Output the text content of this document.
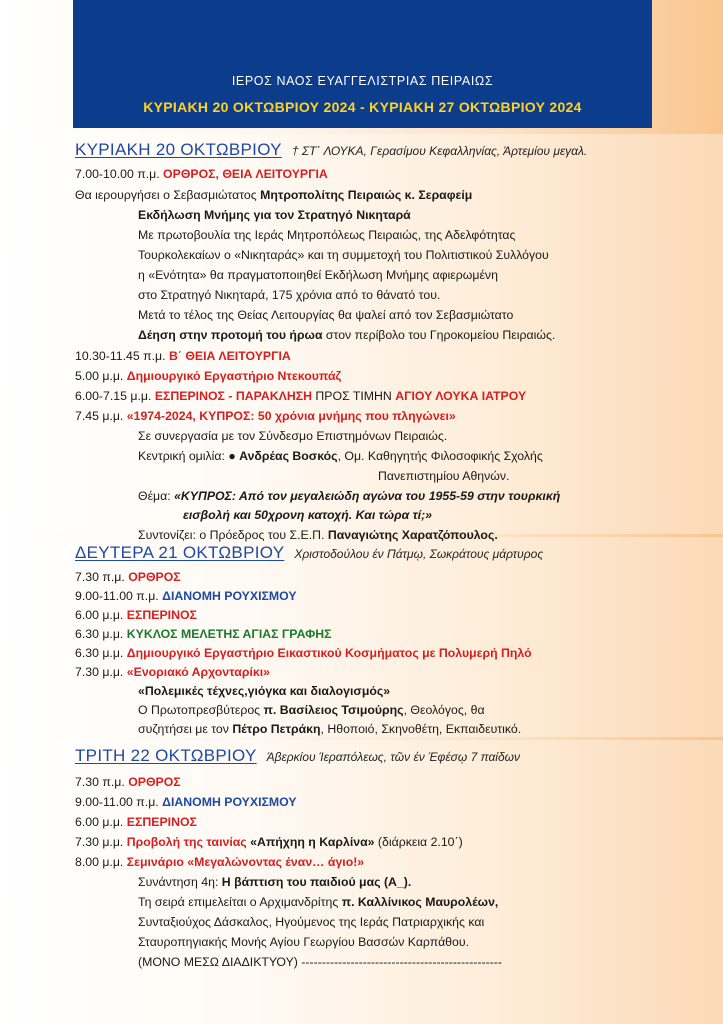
ΙΕΡΟΣ ΝΑΟΣ ΕΥΑΓΓΕΛΙΣΤΡΙΑΣ ΠΕΙΡΑΙΩΣ
ΚΥΡΙΑΚΗ 20 ΟΚΤΩΒΡΙΟΥ 2024 - ΚΥΡΙΑΚΗ 27 ΟΚΤΩΒΡΙΟΥ 2024
ΚΥΡΙΑΚΗ 20 ΟΚΤΩΒΡΙΟΥ † ΣΤ΄ ΛΟΥΚΑ, Γερασίμου Κεφαλληνίας, Άρτεμίου μεγαλ.
7.00-10.00 π.μ. ΟΡΘΡΟΣ, ΘΕΙΑ ΛΕΙΤΟΥΡΓΙΑ
Θα ιερουργήσει ο Σεβασμιώτατος Μητροπολίτης Πειραιώς κ. Σεραφείμ
Εκδήλωση Μνήμης για τον Στρατηγό Νικηταρά
Με πρωτοβουλία της Ιεράς Μητροπόλεως Πειραιώς, της Αδελφότητας
Τουρκολεκαίων ο «Νικηταράς» και τη συμμετοχή του Πολιτιστικού Συλλόγου
η «Ενότητα» θα πραγματοποιηθεί Εκδήλωση Μνήμης αφιερωμένη
στο Στρατηγό Νικηταρά, 175 χρόνια από το θάνατό του.
Μετά το τέλος της Θείας Λειτουργίας θα ψαλεί από τον Σεβασμιώτατο
Δέηση στην προτομή του ήρωα στον περίβολο του Γηροκομείου Πειραιώς.
10.30-11.45 π.μ. Β΄ ΘΕΙΑ ΛΕΙΤΟΥΡΓΙΑ
5.00 μ.μ. Δημιουργικό Εργαστήριο Ντεκουπάζ
6.00-7.15 μ.μ. ΕΣΠΕΡΙΝΟΣ - ΠΑΡΑΚΛΗΣΗ ΠΡΟΣ ΤΙΜΗΝ ΑΓΙΟΥ ΛΟΥΚΑ ΙΑΤΡΟΥ
7.45 μ.μ. «1974-2024, ΚΥΠΡΟΣ: 50 χρόνια μνήμης που πληγώνει»
Σε συνεργασία με τον Σύνδεσμο Επιστημόνων Πειραιώς.
Κεντρική ομιλία: ● Ανδρέας Βοσκός, Ομ. Καθηγητής Φιλοσοφικής Σχολής
Πανεπιστημίου Αθηνών.
Θέμα: «ΚΥΠΡΟΣ: Από τον μεγαλειώδη αγώνα του 1955-59 στην τουρκική
εισβολή και 50χρονη κατοχή. Και τώρα τί;»
Συντονίζει: ο Πρόεδρος του Σ.Ε.Π. Παναγιώτης Χαρατζόπουλος.
ΔΕΥΤΕΡΑ 21 ΟΚΤΩΒΡΙΟΥ Χριστοδούλου έν Πάτμῳ, Σωκράτους μάρτυρος
7.30 π.μ. ΟΡΘΡΟΣ
9.00-11.00 π.μ. ΔΙΑΝΟΜΗ ΡΟΥΧΙΣΜΟΥ
6.00 μ.μ. ΕΣΠΕΡΙΝΟΣ
6.30 μ.μ. ΚΥΚΛΟΣ ΜΕΛΕΤΗΣ ΑΓΙΑΣ ΓΡΑΦΗΣ
6.30 μ.μ. Δημιουργικό Εργαστήριο Εικαστικού Κοσμήματος με Πολυμερή Πηλό
7.30 μ.μ. «Ενοριακό Αρχονταρίκι»
«Πολεμικές τέχνες,γιόγκα και διαλογισμός»
Ο Πρωτοπρεσβύτερος π. Βασίλειος Τσιμούρης, Θεολόγος, θα
συζητήσει με τον Πέτρο Πετράκη, Ηθοποιό, Σκηνοθέτη, Εκπαιδευτικό.
ΤΡΙΤΗ 22 ΟΚΤΩΒΡΙΟΥ Άβερκίου Ίεραπόλεως, τῶν έν Έφέσῳ 7 παίδων
7.30 π.μ. ΟΡΘΡΟΣ
9.00-11.00 π.μ. ΔΙΑΝΟΜΗ ΡΟΥΧΙΣΜΟΥ
6.00 μ.μ. ΕΣΠΕΡΙΝΟΣ
7.30 μ.μ. Προβολή της ταινίας «Απήχηη η Καρλίνα» (διάρκεια 2.10΄)
8.00 μ.μ. Σεμινάριο «Μεγαλώνοντας έναν… άγιο!»
Συνάντηση 4η: Η βάπτιση του παιδιού μας (Α_).
Τη σειρά επιμελείται ο Αρχιμανδρίτης π. Καλλίνικος Μαυρολέων,
Συνταξιούχος Δάσκαλος, Ηγούμενος της Ιεράς Πατριαρχικής και
Σταυροπηγιακής Μονής Αγίου Γεωργίου Βασσών Καρπάθου.
(ΜΟΝΟ ΜΕΣΩ ΔΙΑΔΙΚΤΥΟΥ) -------------------------------------------------
